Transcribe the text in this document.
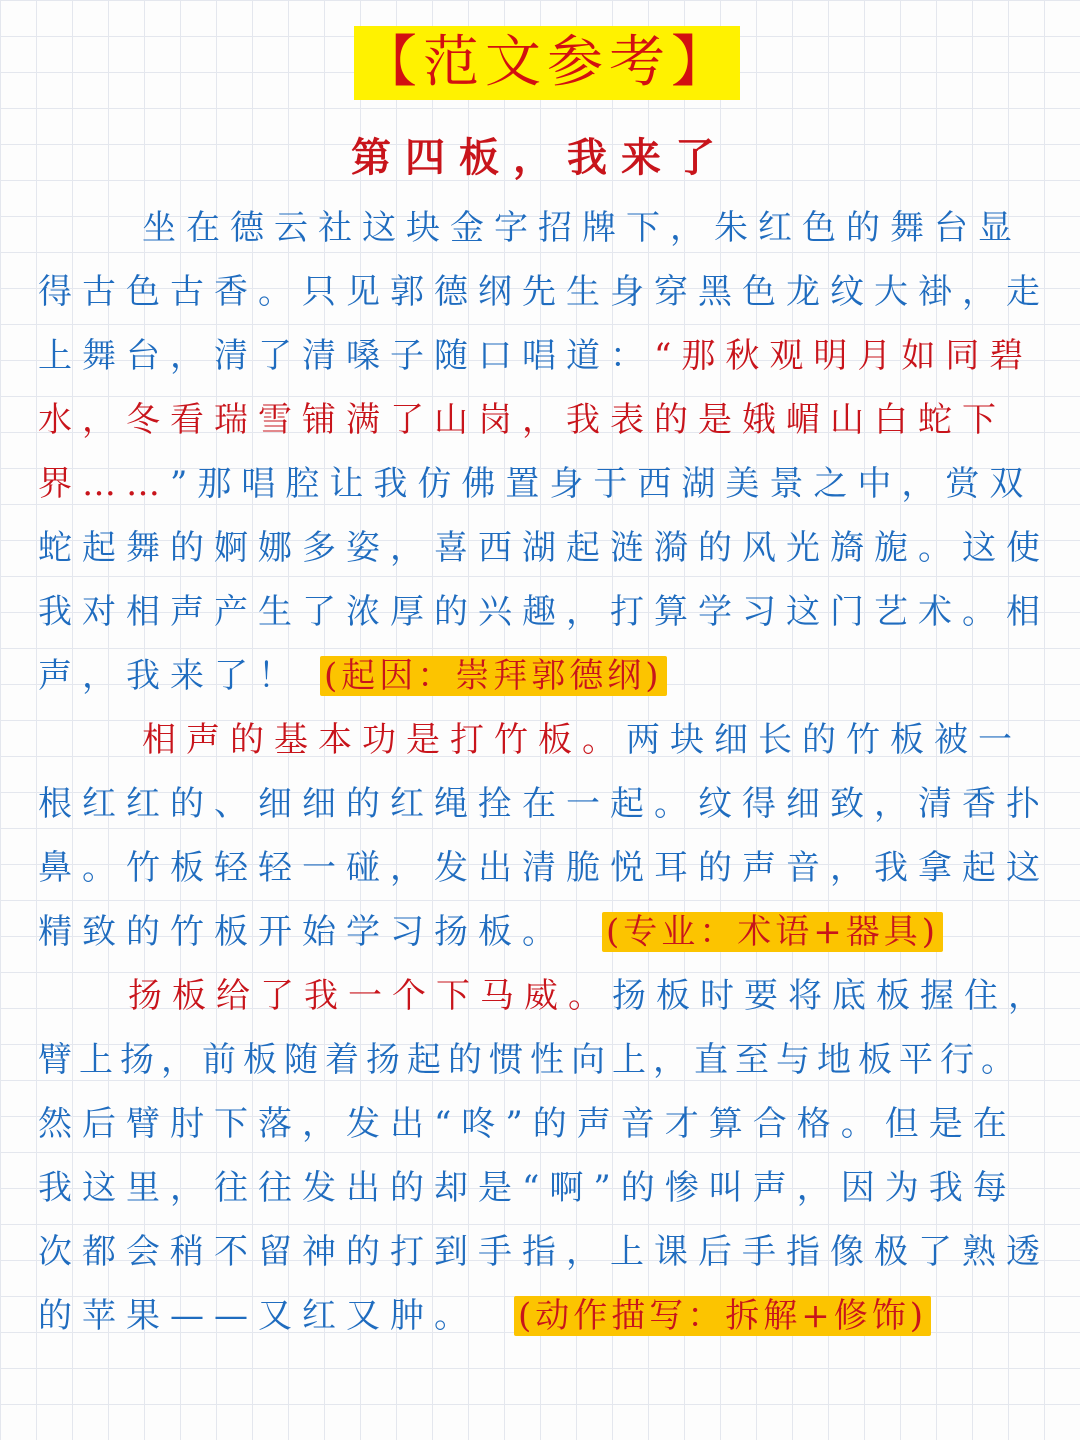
【范文参考】
第四板，我来了
坐在德云社这块金字招牌下，朱红色的舞台显
得古色古香。只见郭德纲先生身穿黑色龙纹大褂，走
上舞台，清了清嗓子随口唱道：“那秋观明月如同碧
水，冬看瑞雪铺满了山岗，我表的是娥嵋山白蛇下
界……”那唱腔让我仿佛置身于西湖美景之中，赏双
蛇起舞的婀娜多姿，喜西湖起涟漪的风光旖旎。这使
我对相声产生了浓厚的兴趣，打算学习这门艺术。相
声，我来了！ (起因：崇拜郭德纲)
相声的基本功是打竹板。两块细长的竹板被一
根红红的、细细的红绳拴在一起。纹得细致，清香扑
鼻。竹板轻轻一碰，发出清脆悦耳的声音，我拿起这
精致的竹板开始学习扬板。 (专业：术语+器具)
扬板给了我一个下马威。扬板时要将底板握住，
臂上扬，前板随着扬起的惯性向上，直至与地板平行。
然后臂肘下落，发出“咚”的声音才算合格。但是在
我这里，往往发出的却是“啊”的惨叫声，因为我每
次都会稍不留神的打到手指，上课后手指像极了熟透
的苹果——又红又肿。 (动作描写：拆解+修饰)
